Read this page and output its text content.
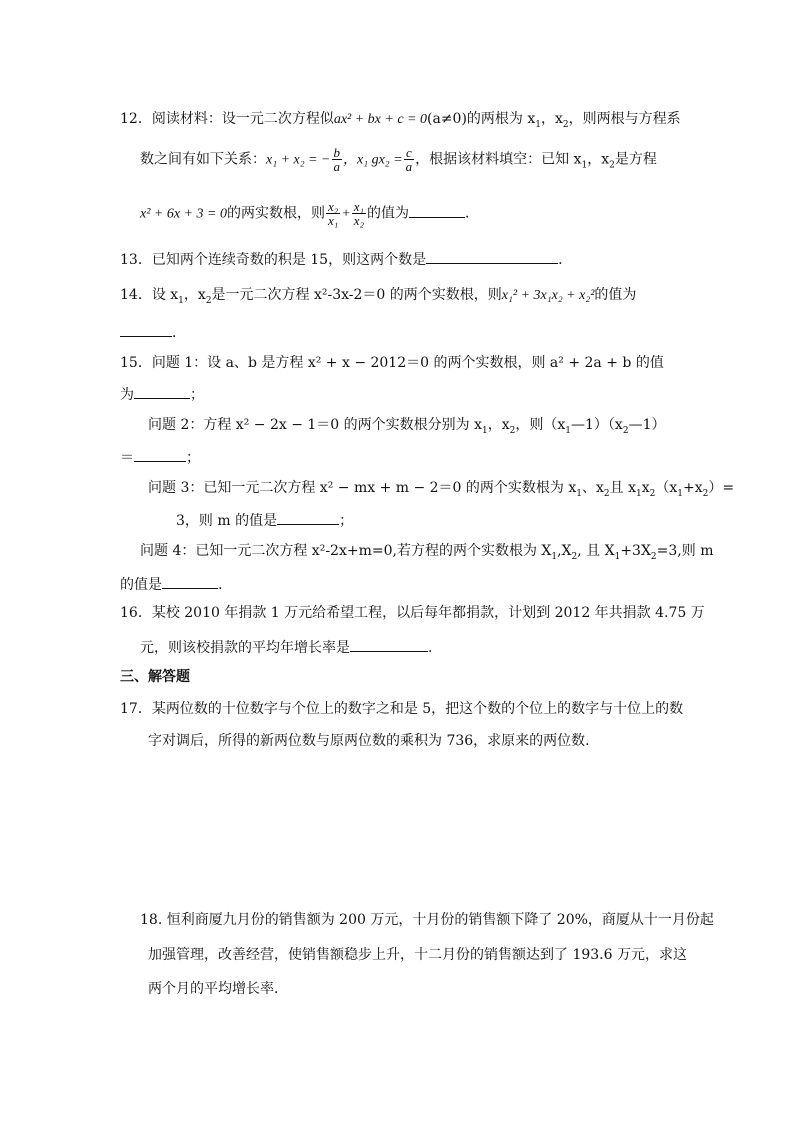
12．阅读材料：设一元二次方程似ax² + bx + c = 0(a≠0)的两根为 $x_1$，$x_2$，则两根与方程系
数之间有如下关系：x₁ + x₂ = − $\frac{b}{a}$ ，x₁ $gx_2 = \frac{c}{a}$ ，根据该材料填空：已知 $x_1$，$x_2$是方程
x² + 6x + 3 = 0的两实数根，则 $\frac{\text{x₂}}{\text{x₁}} + \frac{\text{x₁}}{\text{x₂}}$ 的值为	．
13．已知两个连续奇数的积是 15，则这两个数是	.
14．设 $x_1$，$x_2$是一元二次方程 x²-3x-2＝0 的两个实数根，则x₁² + 3x₁x₂ + x₂²的值为
．
15．问题 1：设 a、b 是方程 x² + x − 2012＝0 的两个实数根，则 a² + 2a + b 的值
为	；
问题 2：方程 x² − 2x − 1＝0 的两个实数根分别为 $x_1$，$x_2$，则$(x_1—1)(x_2—1)$
＝	；
问题 3：已知一元二次方程 x² − mx + m − 2＝0 的两个实数根为 $x_1$、$x_2$且 $x_1x_2(x_1+x_2)=$
3，则 m 的值是	；
问题 4：已知一元二次方程 x²-2x+m=0,若方程的两个实数根为 $X_1,X_2$, 且 $X_1+3X_2=3$,则 m
的值是	.
16．某校 2010 年捐款 1 万元给希望工程，以后每年都捐款，计划到 2012 年共捐款 4.75 万
元，则该校捐款的平均年增长率是	.
三、解答题
17．某两位数的十位数字与个位上的数字之和是 5，把这个数的个位上的数字与十位上的数
字对调后，所得的新两位数与原两位数的乘积为 736，求原来的两位数.
18. 恒利商厦九月份的销售额为 200 万元，十月份的销售额下降了 20%，商厦从十一月份起
加强管理，改善经营，使销售额稳步上升，十二月份的销售额达到了 193.6 万元，求这
两个月的平均增长率．
